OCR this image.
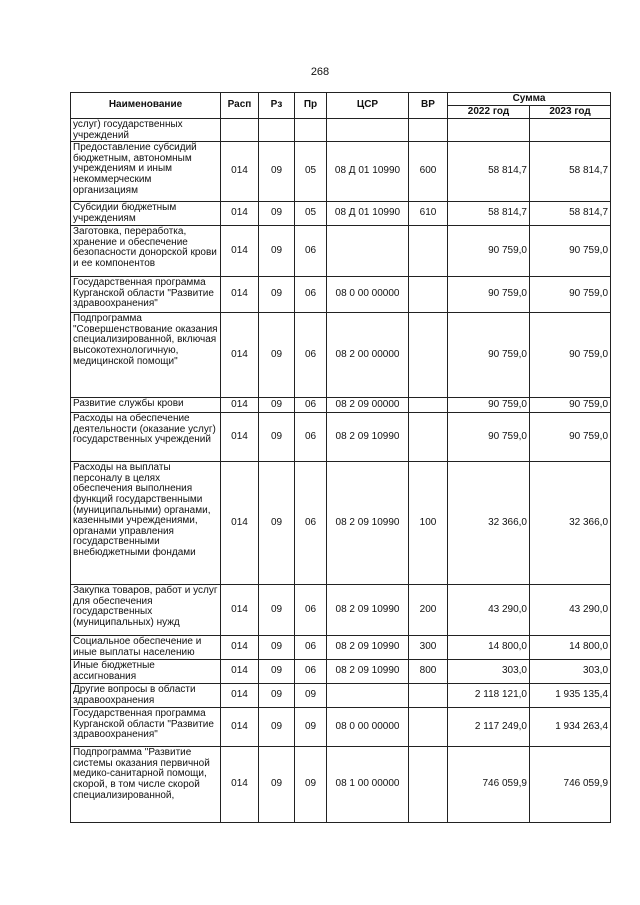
268
Наименование	Расп	Рз	Пр	ЦСР	ВР	Сумма	
						2022 год	2023 год
услуг) государственных учреждений							
Предоставление субсидий бюджетным, автономным учреждениям и иным некоммерческим организациям	014	09	05	08 Д 01 10990	600	58 814,7	58 814,7
Субсидии бюджетным учреждениям	014	09	05	08 Д 01 10990	610	58 814,7	58 814,7
Заготовка, переработка, хранение и обеспечение безопасности донорской крови и ее компонентов	014	09	06			90 759,0	90 759,0
Государственная программа Курганской области "Развитие здравоохранения"	014	09	06	08 0 00 00000		90 759,0	90 759,0
Подпрограмма "Совершенствование оказания специализированной, включая высокотехнологичную, медицинской помощи"	014	09	06	08 2 00 00000		90 759,0	90 759,0
Развитие службы крови	014	09	06	08 2 09 00000		90 759,0	90 759,0
Расходы на обеспечение деятельности (оказание услуг) государственных учреждений	014	09	06	08 2 09 10990		90 759,0	90 759,0
Расходы на выплаты персоналу в целях обеспечения выполнения функций государственными (муниципальными) органами, казенными учреждениями, органами управления государственными внебюджетными фондами	014	09	06	08 2 09 10990	100	32 366,0	32 366,0
Закупка товаров, работ и услуг для обеспечения государственных (муниципальных) нужд	014	09	06	08 2 09 10990	200	43 290,0	43 290,0
Социальное обеспечение и иные выплаты населению	014	09	06	08 2 09 10990	300	14 800,0	14 800,0
Иные бюджетные ассигнования	014	09	06	08 2 09 10990	800	303,0	303,0
Другие вопросы в области здравоохранения	014	09	09			2 118 121,0	1 935 135,4
Государственная программа Курганской области "Развитие здравоохранения"	014	09	09	08 0 00 00000		2 117 249,0	1 934 263,4
Подпрограмма "Развитие системы оказания первичной медико-санитарной помощи, скорой, в том числе скорой специализированной,	014	09	09	08 1 00 00000		746 059,9	746 059,9
